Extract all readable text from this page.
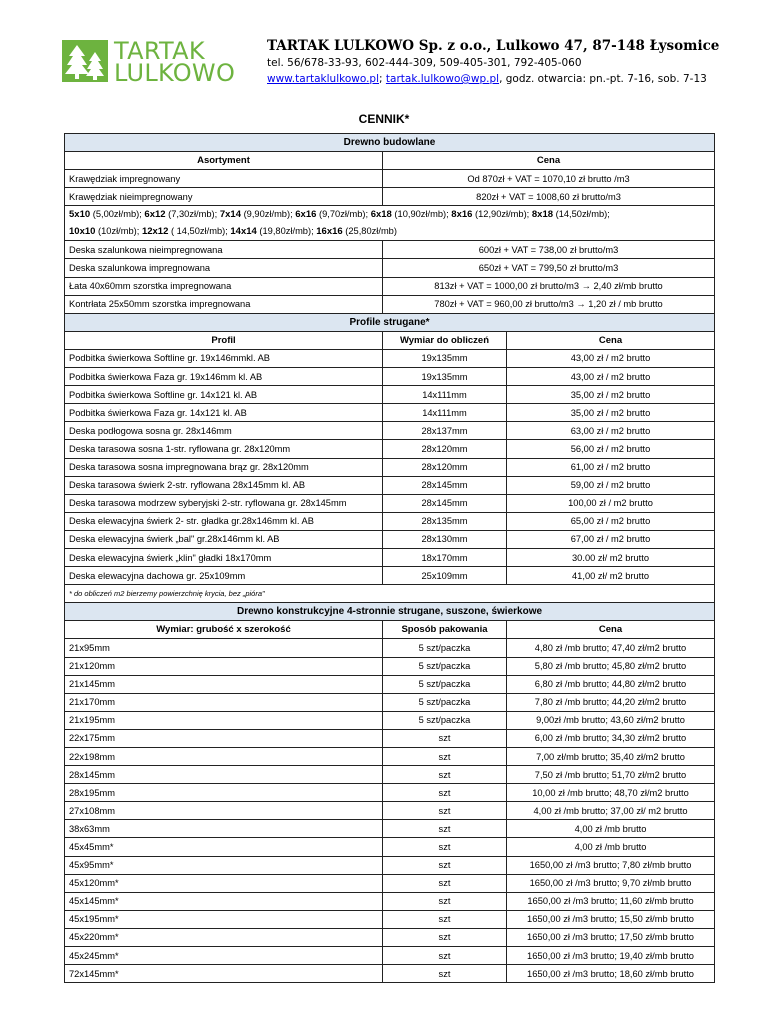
TARTAK
LULKOWO
TARTAK LULKOWO Sp. z o.o., Lulkowo 47, 87-148 Łysomice
tel. 56/678-33-93, 602-444-309, 509-405-301, 792-405-060
www.tartaklulkowo.pl; tartak.lulkowo@wp.pl, godz. otwarcia: pn.-pt. 7-16, sob. 7-13
CENNIK*
Drewno budowlane		
Asortyment	Cena	
Krawędziak impregnowany	Od 870zł + VAT = 1070,10 zł brutto /m3	
Krawędziak nieimpregnowany	820zł + VAT = 1008,60 zł brutto/m3	
5x10 (5,00zł/mb); 6x12 (7,30zł/mb); 7x14 (9,90zł/mb); 6x16 (9,70zł/mb); 6x18 (10,90zł/mb); 8x16 (12,90zł/mb); 8x18 (14,50zł/mb);
10x10 (10zł/mb); 12x12 ( 14,50zł/mb); 14x14 (19,80zł/mb); 16x16 (25,80zł/mb)		
Deska szalunkowa nieimpregnowana	600zł + VAT = 738,00 zł brutto/m3	
Deska szalunkowa impregnowana	650zł + VAT = 799,50 zł brutto/m3	
Łata 40x60mm szorstka impregnowana	813zł + VAT = 1000,00 zł brutto/m3 → 2,40 zł/mb brutto	
Kontrłata 25x50mm szorstka impregnowana	780zł + VAT = 960,00 zł brutto/m3 → 1,20 zł / mb brutto	
Profile strugane*		
Profil	Wymiar do obliczeń	Cena
Podbitka świerkowa Softline gr. 19x146mmkl. AB	19x135mm	43,00 zł / m2 brutto
Podbitka świerkowa Faza gr. 19x146mm kl. AB	19x135mm	43,00 zł / m2 brutto
Podbitka świerkowa Softline gr. 14x121 kl. AB	14x111mm	35,00 zł / m2 brutto
Podbitka świerkowa Faza gr. 14x121 kl. AB	14x111mm	35,00 zł / m2 brutto
Deska podłogowa sosna gr. 28x146mm	28x137mm	63,00 zł / m2 brutto
Deska tarasowa sosna 1-str. ryflowana gr. 28x120mm	28x120mm	56,00 zł / m2 brutto
Deska tarasowa sosna impregnowana brąz gr. 28x120mm	28x120mm	61,00 zł / m2 brutto
Deska tarasowa świerk 2-str. ryflowana 28x145mm kl. AB	28x145mm	59,00 zł / m2 brutto
Deska tarasowa modrzew syberyjski 2-str. ryflowana gr. 28x145mm	28x145mm	100,00 zł / m2 brutto
Deska elewacyjna świerk 2- str. gładka gr.28x146mm kl. AB	28x135mm	65,00 zł / m2 brutto
Deska elewacyjna świerk „bal" gr.28x146mm kl. AB	28x130mm	67,00 zł / m2 brutto
Deska elewacyjna świerk „klin" gładki 18x170mm	18x170mm	30.00 zł/ m2 brutto
Deska elewacyjna dachowa gr. 25x109mm	25x109mm	41,00 zł/ m2 brutto
* do obliczeń m2 bierzemy powierzchnię krycia, bez „pióra"		
Drewno konstrukcyjne 4-stronnie strugane, suszone, świerkowe		
Wymiar: grubość x szerokość	Sposób pakowania	Cena
21x95mm	5 szt/paczka	4,80 zł /mb brutto; 47,40 zł/m2 brutto
21x120mm	5 szt/paczka	5,80 zł /mb brutto; 45,80 zł/m2 brutto
21x145mm	5 szt/paczka	6,80 zł /mb brutto; 44,80 zł/m2 brutto
21x170mm	5 szt/paczka	7,80 zł /mb brutto; 44,20 zł/m2 brutto
21x195mm	5 szt/paczka	9,00zł /mb brutto; 43,60 zł/m2 brutto
22x175mm	szt	6,00 zł /mb brutto; 34,30 zł/m2 brutto
22x198mm	szt	7,00 zł/mb brutto; 35,40 zł/m2 brutto
28x145mm	szt	7,50 zł /mb brutto; 51,70 zł/m2 brutto
28x195mm	szt	10,00 zł /mb brutto; 48,70 zł/m2 brutto
27x108mm	szt	4,00 zł /mb brutto; 37,00 zł/ m2 brutto
38x63mm	szt	4,00 zł /mb brutto
45x45mm*	szt	4,00 zł /mb brutto
45x95mm*	szt	1650,00 zł /m3 brutto; 7,80 zł/mb brutto
45x120mm*	szt	1650,00 zł /m3 brutto; 9,70 zł/mb brutto
45x145mm*	szt	1650,00 zł /m3 brutto; 11,60 zł/mb brutto
45x195mm*	szt	1650,00 zł /m3 brutto; 15,50 zł/mb brutto
45x220mm*	szt	1650,00 zł /m3 brutto; 17,50 zł/mb brutto
45x245mm*	szt	1650,00 zł /m3 brutto; 19,40 zł/mb brutto
72x145mm*	szt	1650,00 zł /m3 brutto; 18,60 zł/mb brutto
